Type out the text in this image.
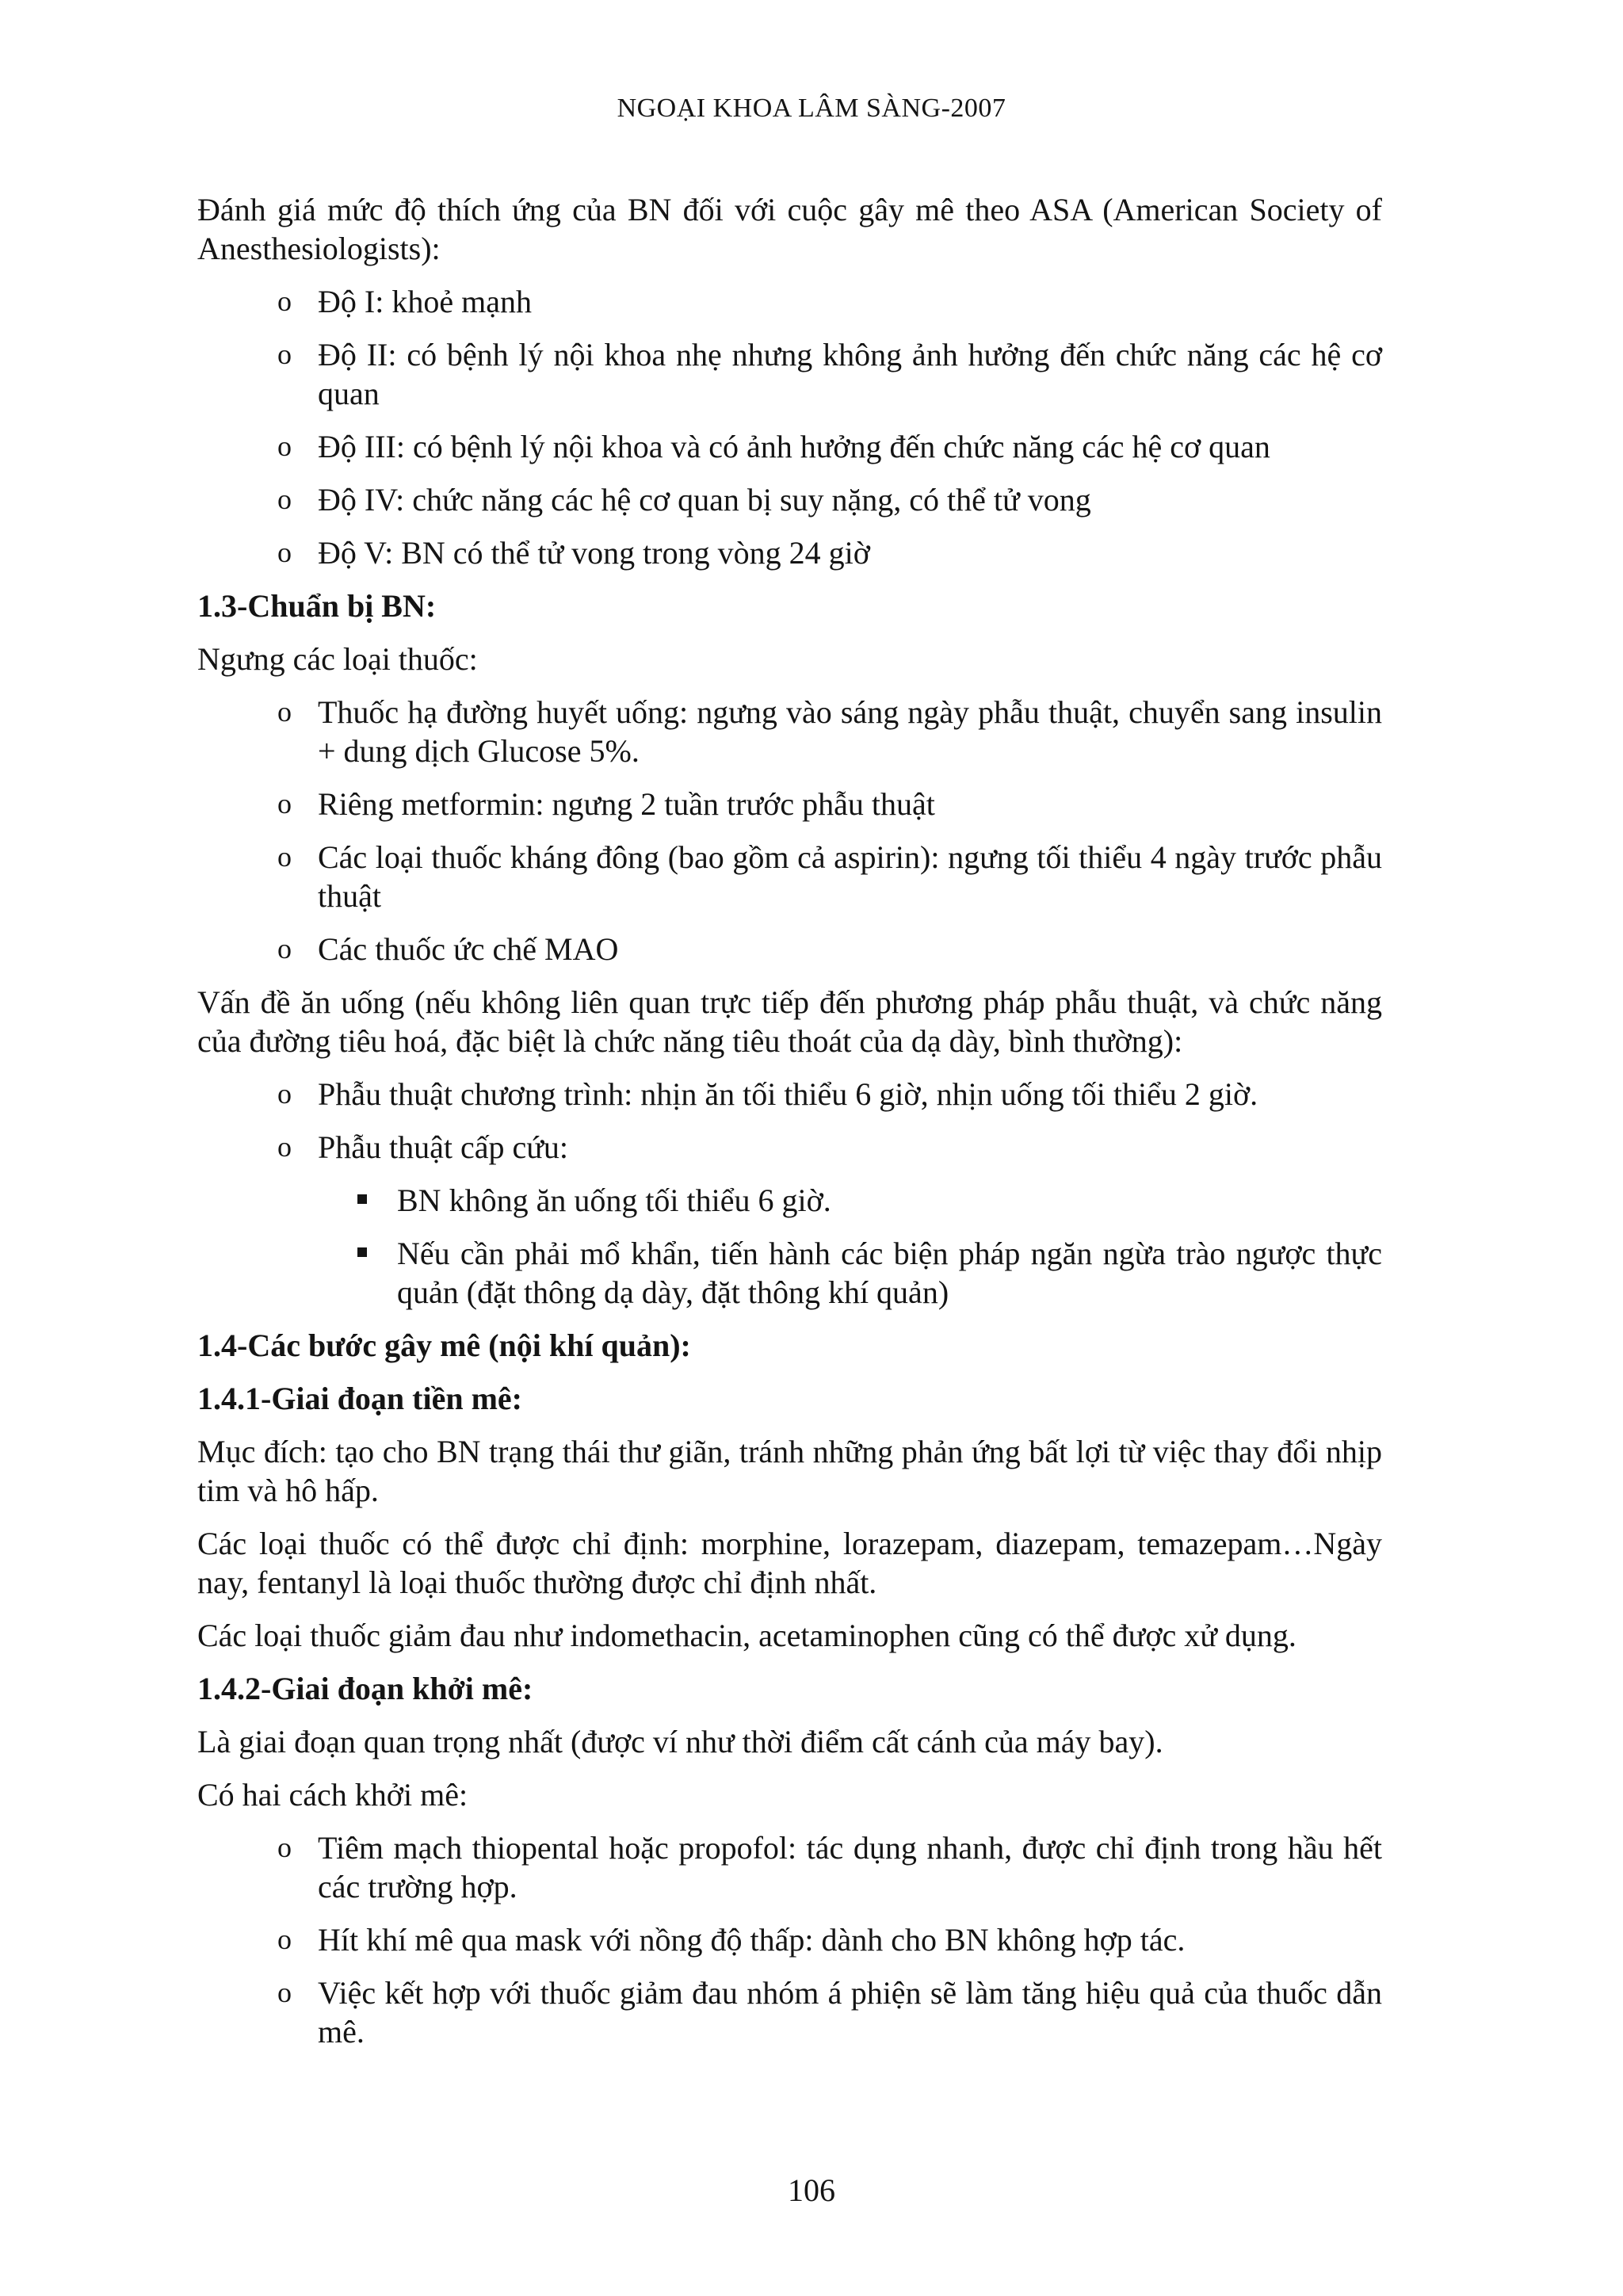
NGOẠI KHOA LÂM SÀNG-2007

Đánh giá mức độ thích ứng của BN đối với cuộc gây mê theo ASA (American Society of Anesthesiologists):

o Độ I: khoẻ mạnh
o Độ II: có bệnh lý nội khoa nhẹ nhưng không ảnh hưởng đến chức năng các hệ cơ quan
o Độ III: có bệnh lý nội khoa và có ảnh hưởng đến chức năng các hệ cơ quan
o Độ IV: chức năng các hệ cơ quan bị suy nặng, có thể tử vong
o Độ V: BN có thể tử vong trong vòng 24 giờ

1.3-Chuẩn bị BN:

Ngưng các loại thuốc:

o Thuốc hạ đường huyết uống: ngưng vào sáng ngày phẫu thuật, chuyển sang insulin + dung dịch Glucose 5%.
o Riêng metformin: ngưng 2 tuần trước phẫu thuật
o Các loại thuốc kháng đông (bao gồm cả aspirin): ngưng tối thiểu 4 ngày trước phẫu thuật
o Các thuốc ức chế MAO

Vấn đề ăn uống (nếu không liên quan trực tiếp đến phương pháp phẫu thuật, và chức năng của đường tiêu hoá, đặc biệt là chức năng tiêu thoát của dạ dày, bình thường):

o Phẫu thuật chương trình: nhịn ăn tối thiểu 6 giờ, nhịn uống tối thiểu 2 giờ.
o Phẫu thuật cấp cứu:
BN không ăn uống tối thiểu 6 giờ.
Nếu cần phải mổ khẩn, tiến hành các biện pháp ngăn ngừa trào ngược thực quản (đặt thông dạ dày, đặt thông khí quản)

1.4-Các bước gây mê (nội khí quản):

1.4.1-Giai đoạn tiền mê:

Mục đích: tạo cho BN trạng thái thư giãn, tránh những phản ứng bất lợi từ việc thay đổi nhịp tim và hô hấp.

Các loại thuốc có thể được chỉ định: morphine, lorazepam, diazepam, temazepam…Ngày nay, fentanyl là loại thuốc thường được chỉ định nhất.

Các loại thuốc giảm đau như indomethacin, acetaminophen cũng có thể được xử dụng.

1.4.2-Giai đoạn khởi mê:

Là giai đoạn quan trọng nhất (được ví như thời điểm cất cánh của máy bay).

Có hai cách khởi mê:

o Tiêm mạch thiopental hoặc propofol: tác dụng nhanh, được chỉ định trong hầu hết các trường hợp.
o Hít khí mê qua mask với nồng độ thấp: dành cho BN không hợp tác.
o Việc kết hợp với thuốc giảm đau nhóm á phiện sẽ làm tăng hiệu quả của thuốc dẫn mê.
106
